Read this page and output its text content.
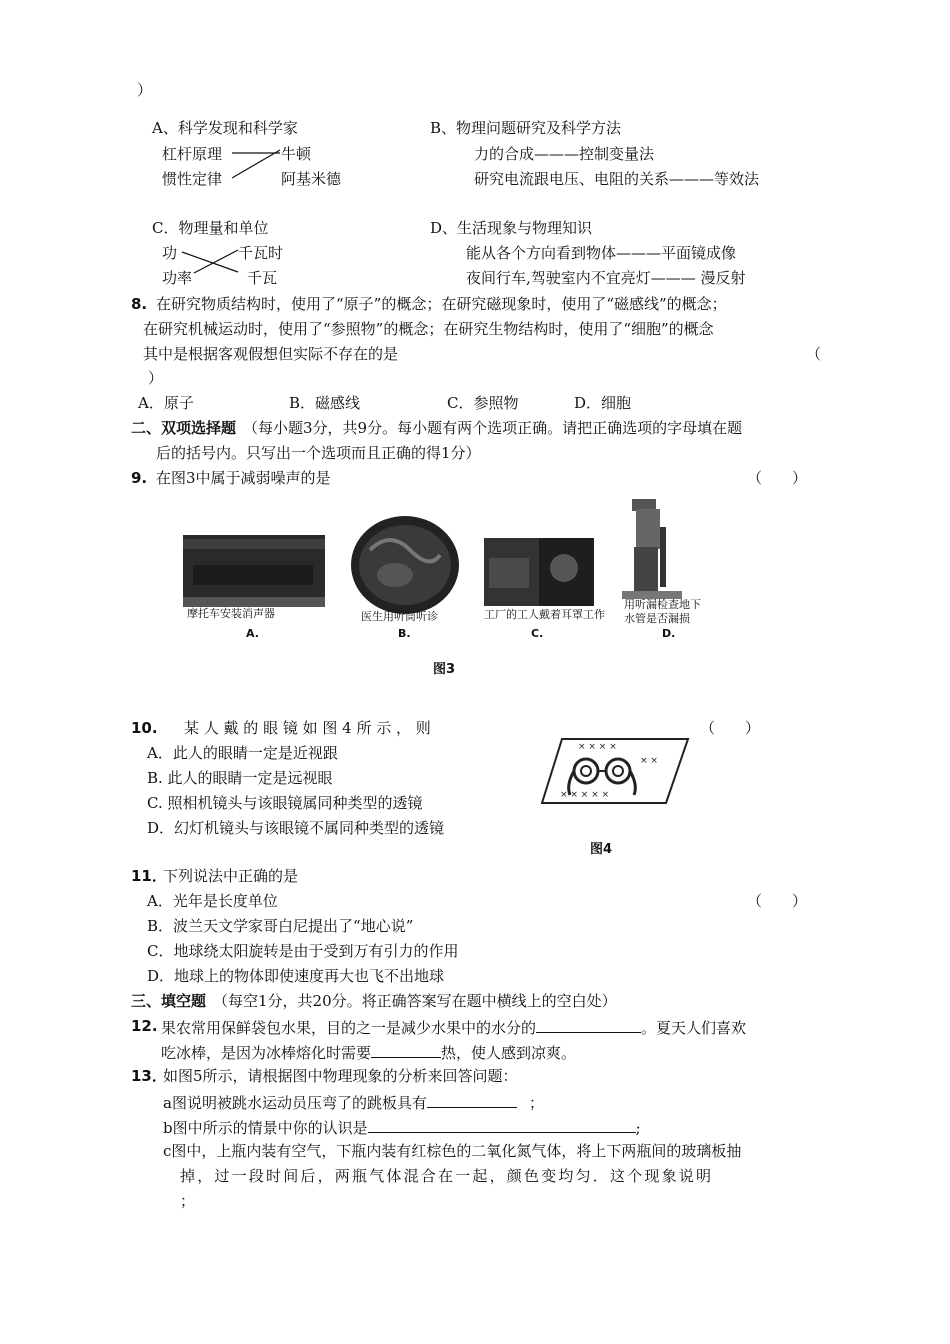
）
A、科学发现和科学家
杠杆原理	牛顿
惯性定律	阿基米德
B、物理问题研究及科学方法
力的合成———控制变量法
研究电流跟电压、电阻的关系———等效法
C．物理量和单位
功	千瓦时
功率	千瓦
D、生活现象与物理知识
能从各个方向看到物体———平面镜成像
夜间行车,驾驶室内不宜亮灯——— 漫反射
8. 在研究物质结构时，使用了“原子”的概念；在研究磁现象时，使用了“磁感线”的概念；
在研究机械运动时，使用了“参照物”的概念；在研究生物结构时，使用了“细胞”的概念
其中是根据客观假想但实际不存在的是	（
）
A．原子	B．磁感线	C．参照物	D．细胞
二、双项选择题 （每小题3分，共9分。每小题有两个选项正确。请把正确选项的字母填在题
后的括号内。只写出一个选项而且正确的得1分）
9. 在图3中属于减弱噪声的是	（　　）
摩托车安装消声器
A.
医生用听筒听诊
B.
工厂的工人戴着耳罩工作
C.
用听漏检查地下
水管是否漏损
D.
图3
10. 某 人 戴 的 眼 镜 如 图 4 所 示 ， 则	（　　）
A．此人的眼睛一定是近视跟
B. 此人的眼睛一定是远视眼
C. 照相机镜头与该眼镜属同种类型的透镜
D．幻灯机镜头与该眼镜不属同种类型的透镜
× × × ×
× ×
× × × × ×
图4
11．
下列说法中正确的是
A．光年是长度单位	（　　）
B．波兰天文学家哥白尼提出了“地心说”
C．地球绕太阳旋转是由于受到万有引力的作用
D．地球上的物体即使速度再大也飞不出地球
三、填空题 （每空1分，共20分。将正确答案写在题中横线上的空白处）
12. 果农常用保鲜袋包水果，目的之一是减少水果中的水分的	。夏天人们喜欢
吃冰棒，是因为冰棒熔化时需要	热，使人感到凉爽。
13．
如图5所示，请根据图中物理现象的分析来回答问题：
a图说明被跳水运动员压弯了的跳板具有	；
b图中所示的情景中你的认识是	;
c图中，上瓶内装有空气，下瓶内装有红棕色的二氧化氮气体，将上下两瓶间的玻璃板抽
掉，过一段时间后，两瓶气体混合在一起，颜色变均匀．这个现象说明
；
